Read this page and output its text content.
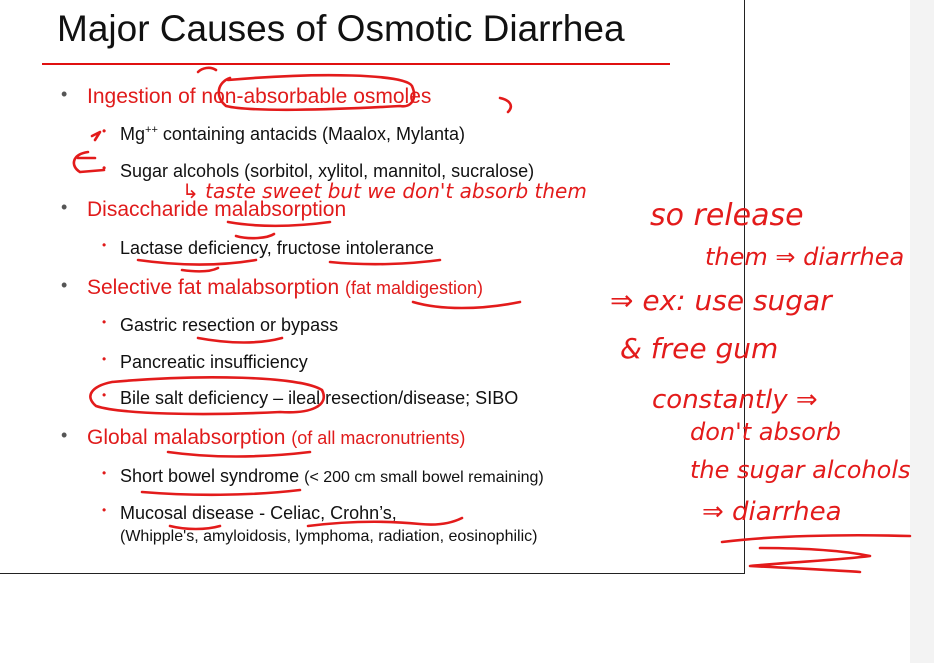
Major Causes of Osmotic Diarrhea
• Ingestion of non-absorbable osmoles
• Mg++ containing antacids (Maalox, Mylanta)
• Sugar alcohols (sorbitol, xylitol, mannitol, sucralose)
• Disaccharide malabsorption
• Lactase deficiency, fructose intolerance
• Selective fat malabsorption (fat maldigestion)
• Gastric resection or bypass
• Pancreatic insufficiency
• Bile salt deficiency – ileal resection/disease; SIBO
• Global malabsorption (of all macronutrients)
• Short bowel syndrome (< 200 cm small bowel remaining)
• Mucosal disease - Celiac, Crohn’s,
(Whipple's, amyloidosis, lymphoma, radiation, eosinophilic)
↳ taste sweet but we don't absorb them
so release
them ⇒ diarrhea
⇒ ex: use sugar
& free gum
constantly ⇒
don't absorb
the sugar alcohols
⇒ diarrhea
